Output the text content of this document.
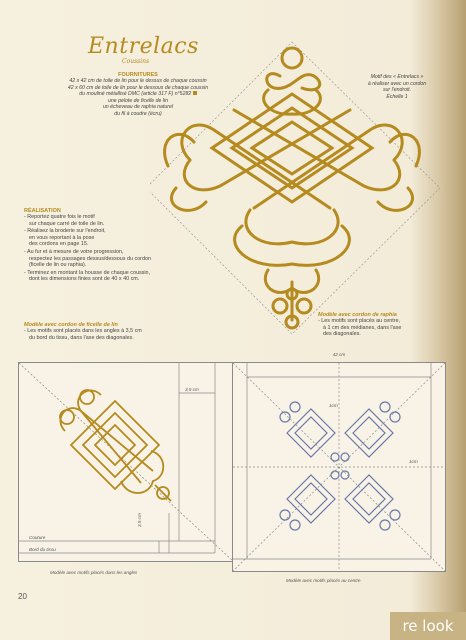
Entrelacs
Coussins
FOURNITURES
42 x 42 cm de toile de lin pour le dessus de chaque coussin
42 x 60 cm de toile de lin pour le dessous de chaque coussin
du mouliné métallisé DMC (article 317 F) n°5282
une pelote de ficelle de lin
un écheveau de raphia naturel
du fil à coudre (écru)
Motif des « Entrelacs »
à réaliser avec un cordon
sur l'endroit.
Échelle 1
RÉALISATION
- Reportez quatre fois le motif
sur chaque carré de toile de lin.
- Réalisez la broderie sur l'endroit,
en vous reportant à la pose
des cordons en page 15.
- Au fur et à mesure de votre progression,
respectez les passages dessus/dessous du cordon
(ficelle de lin ou raphia).
- Terminez en montant la housse de chaque coussin,
dont les dimensions finies sont de 40 x 40 cm.
Modèle avec cordon de ficelle de lin
- Les motifs sont placés dans les angles à 3,5 cm
du bord du tissu, dans l'axe des diagonales.
Modèle avec cordon de raphia
- Les motifs sont placés au centre,
à 1 cm des médianes, dans l'axe
des diagonales.
3,5 cm
3,5 cm
Couture
Bord du tissu
Modèle avec motifs placés dans les angles
42 cm
1cm
1cm
Modèle avec motifs placés au centre
20
re look
